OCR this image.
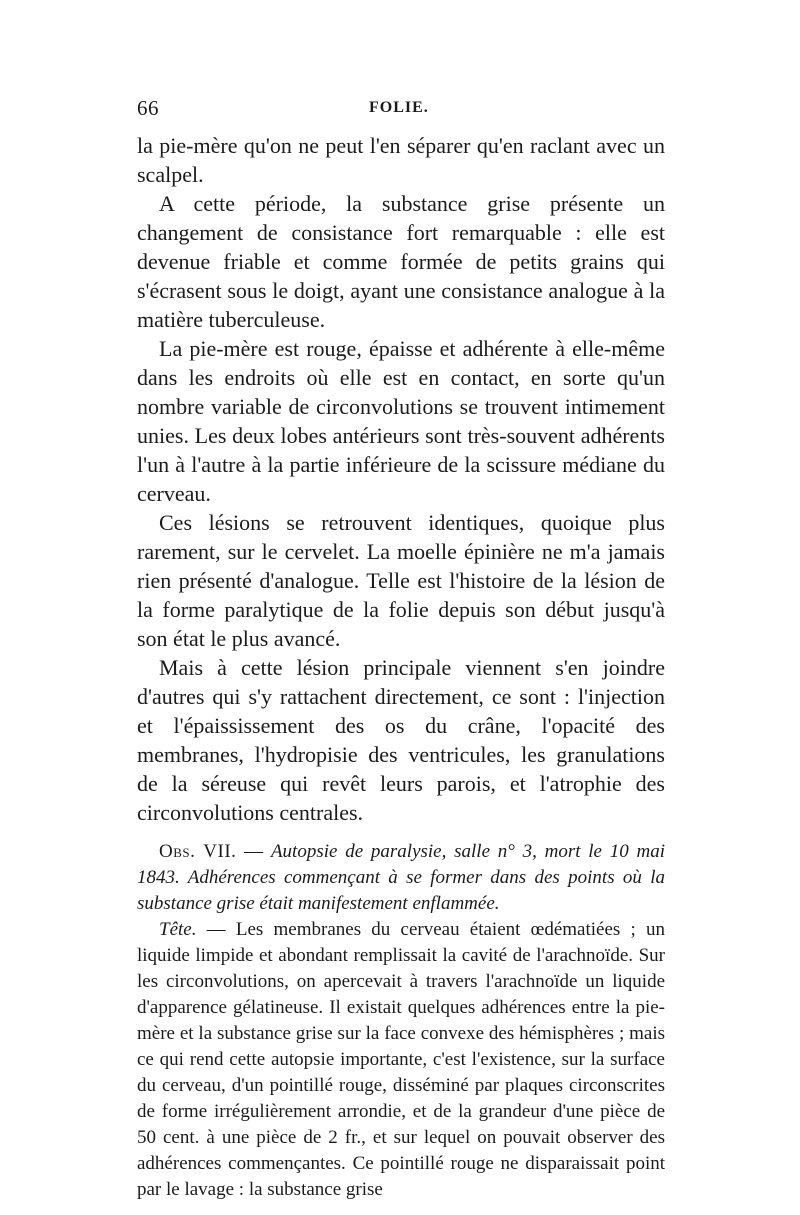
66	FOLIE.

la pie-mère qu'on ne peut l'en séparer qu'en raclant avec un scalpel.

A cette période, la substance grise présente un changement de consistance fort remarquable : elle est devenue friable et comme formée de petits grains qui s'écrasent sous le doigt, ayant une consistance analogue à la matière tuberculeuse.

La pie-mère est rouge, épaisse et adhérente à elle-même dans les endroits où elle est en contact, en sorte qu'un nombre variable de circonvolutions se trouvent intimement unies. Les deux lobes antérieurs sont très-souvent adhérents l'un à l'autre à la partie inférieure de la scissure médiane du cerveau.

Ces lésions se retrouvent identiques, quoique plus rarement, sur le cervelet. La moelle épinière ne m'a jamais rien présenté d'analogue. Telle est l'histoire de la lésion de la forme paralytique de la folie depuis son début jusqu'à son état le plus avancé.

Mais à cette lésion principale viennent s'en joindre d'autres qui s'y rattachent directement, ce sont : l'injection et l'épaississement des os du crâne, l'opacité des membranes, l'hydropisie des ventricules, les granulations de la séreuse qui revêt leurs parois, et l'atrophie des circonvolutions centrales.

Obs. VII. — Autopsie de paralysie, salle n° 3, mort le 10 mai 1843. Adhérences commençant à se former dans des points où la substance grise était manifestement enflammée.

Tête. — Les membranes du cerveau étaient œdématiées ; un liquide limpide et abondant remplissait la cavité de l'arachnoïde. Sur les circonvolutions, on apercevait à travers l'arachnoïde un liquide d'apparence gélatineuse. Il existait quelques adhérences entre la pie-mère et la substance grise sur la face convexe des hémisphères ; mais ce qui rend cette autopsie importante, c'est l'existence, sur la surface du cerveau, d'un pointillé rouge, disséminé par plaques circonscrites de forme irrégulièrement arrondie, et de la grandeur d'une pièce de 50 cent. à une pièce de 2 fr., et sur lequel on pouvait observer des adhérences commençantes. Ce pointillé rouge ne disparaissait point par le lavage : la substance grise
